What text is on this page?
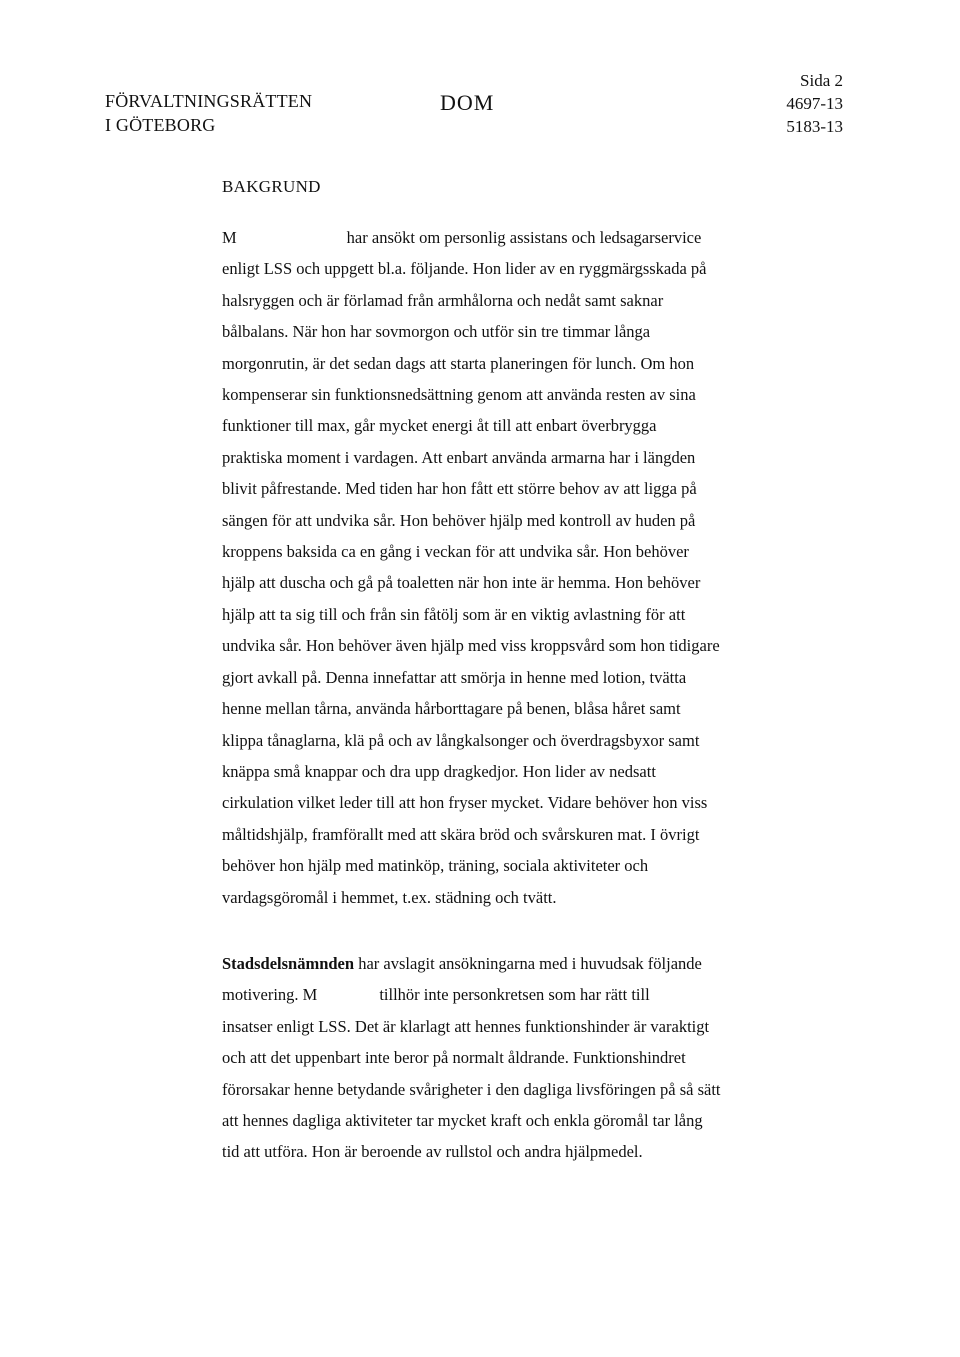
FÖRVALTNINGSRÄTTEN
I GÖTEBORG
DOM
Sida 2
4697-13
5183-13
BAKGRUND
M	har ansökt om personlig assistans och ledsagarservice
enligt LSS och uppgett bl.a. följande. Hon lider av en ryggmärgsskada på
halsryggen och är förlamad från armhålorna och nedåt samt saknar
bålbalans. När hon har sovmorgon och utför sin tre timmar långa
morgonrutin, är det sedan dags att starta planeringen för lunch. Om hon
kompenserar sin funktionsnedsättning genom att använda resten av sina
funktioner till max, går mycket energi åt till att enbart överbrygga
praktiska moment i vardagen. Att enbart använda armarna har i längden
blivit påfrestande. Med tiden har hon fått ett större behov av att ligga på
sängen för att undvika sår. Hon behöver hjälp med kontroll av huden på
kroppens baksida ca en gång i veckan för att undvika sår. Hon behöver
hjälp att duscha och gå på toaletten när hon inte är hemma. Hon behöver
hjälp att ta sig till och från sin fåtölj som är en viktig avlastning för att
undvika sår. Hon behöver även hjälp med viss kroppsvård som hon tidigare
gjort avkall på. Denna innefattar att smörja in henne med lotion, tvätta
henne mellan tårna, använda hårborttagare på benen, blåsa håret samt
klippa tånaglarna, klä på och av långkalsonger och överdragsbyxor samt
knäppa små knappar och dra upp dragkedjor. Hon lider av nedsatt
cirkulation vilket leder till att hon fryser mycket. Vidare behöver hon viss
måltidshjälp, framförallt med att skära bröd och svårskuren mat. I övrigt
behöver hon hjälp med matinköp, träning, sociala aktiviteter och
vardagsgöromål i hemmet, t.ex. städning och tvätt.
Stadsdelsnämnden har avslagit ansökningarna med i huvudsak följande
motivering. M	tillhör inte personkretsen som har rätt till
insatser enligt LSS. Det är klarlagt att hennes funktionshinder är varaktigt
och att det uppenbart inte beror på normalt åldrande. Funktionshindret
förorsakar henne betydande svårigheter i den dagliga livsföringen på så sätt
att hennes dagliga aktiviteter tar mycket kraft och enkla göromål tar lång
tid att utföra. Hon är beroende av rullstol och andra hjälpmedel.
